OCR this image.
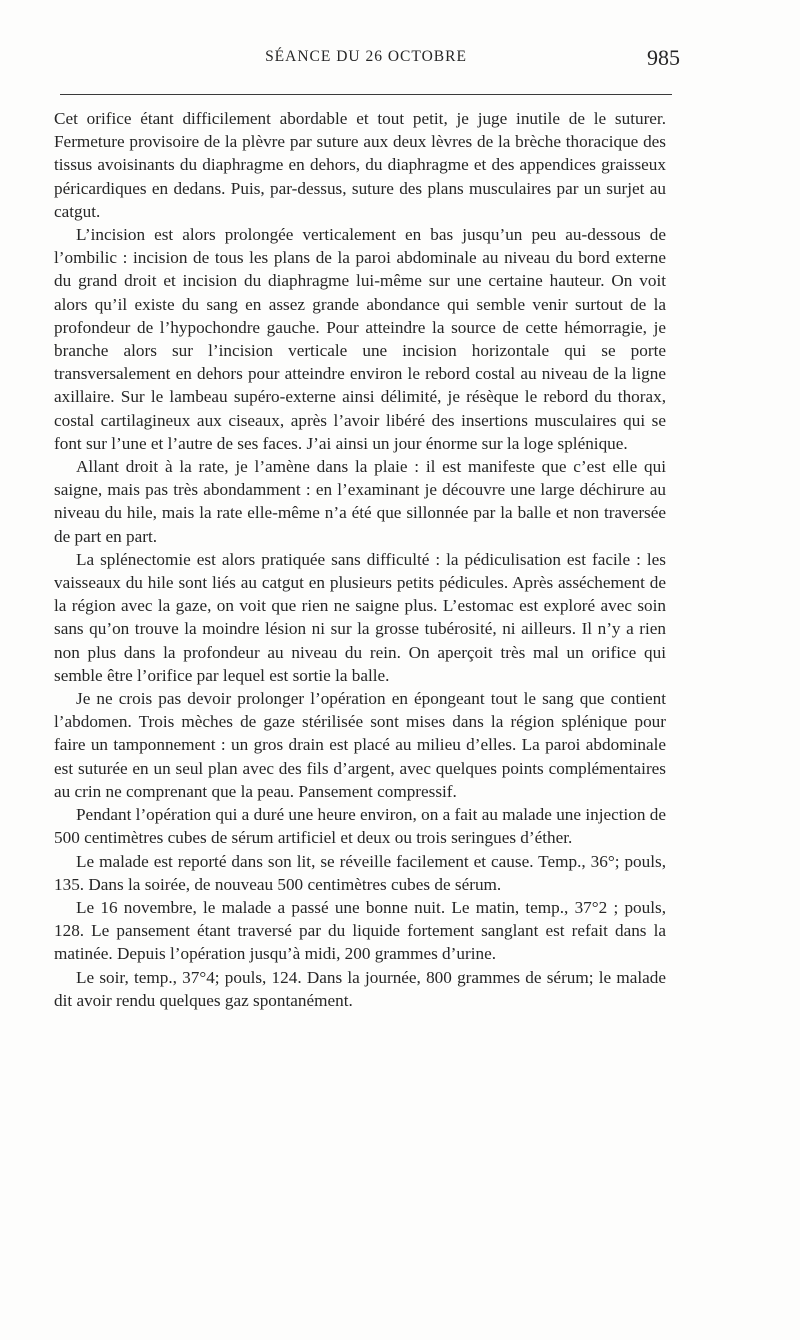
SÉANCE DU 26 OCTOBRE	985

Cet orifice étant difficilement abordable et tout petit, je juge inutile de le suturer. Fermeture provisoire de la plèvre par suture aux deux lèvres de la brèche thoracique des tissus avoisinants du diaphragme en dehors, du diaphragme et des appendices graisseux péricardiques en dedans. Puis, par-dessus, suture des plans musculaires par un surjet au catgut.

L’incision est alors prolongée verticalement en bas jusqu’un peu au-dessous de l’ombilic : incision de tous les plans de la paroi abdominale au niveau du bord externe du grand droit et incision du diaphragme lui-même sur une certaine hauteur. On voit alors qu’il existe du sang en assez grande abondance qui semble venir surtout de la profondeur de l’hypochondre gauche. Pour atteindre la source de cette hémorragie, je branche alors sur l’incision verticale une incision horizontale qui se porte transversalement en dehors pour atteindre environ le rebord costal au niveau de la ligne axillaire. Sur le lambeau supéro-externe ainsi délimité, je résèque le rebord du thorax, costal cartilagineux aux ciseaux, après l’avoir libéré des insertions musculaires qui se font sur l’une et l’autre de ses faces. J’ai ainsi un jour énorme sur la loge splénique.

Allant droit à la rate, je l’amène dans la plaie : il est manifeste que c’est elle qui saigne, mais pas très abondamment : en l’examinant je découvre une large déchirure au niveau du hile, mais la rate elle-même n’a été que sillonnée par la balle et non traversée de part en part.

La splénectomie est alors pratiquée sans difficulté : la pédiculisation est facile : les vaisseaux du hile sont liés au catgut en plusieurs petits pédicules. Après asséchement de la région avec la gaze, on voit que rien ne saigne plus. L’estomac est exploré avec soin sans qu’on trouve la moindre lésion ni sur la grosse tubérosité, ni ailleurs. Il n’y a rien non plus dans la profondeur au niveau du rein. On aperçoit très mal un orifice qui semble être l’orifice par lequel est sortie la balle.

Je ne crois pas devoir prolonger l’opération en épongeant tout le sang que contient l’abdomen. Trois mèches de gaze stérilisée sont mises dans la région splénique pour faire un tamponnement : un gros drain est placé au milieu d’elles. La paroi abdominale est suturée en un seul plan avec des fils d’argent, avec quelques points complémentaires au crin ne comprenant que la peau. Pansement compressif.

Pendant l’opération qui a duré une heure environ, on a fait au malade une injection de 500 centimètres cubes de sérum artificiel et deux ou trois seringues d’éther.

Le malade est reporté dans son lit, se réveille facilement et cause. Temp., 36°; pouls, 135. Dans la soirée, de nouveau 500 centimètres cubes de sérum.

Le 16 novembre, le malade a passé une bonne nuit. Le matin, temp., 37°2 ; pouls, 128. Le pansement étant traversé par du liquide fortement sanglant est refait dans la matinée. Depuis l’opération jusqu’à midi, 200 grammes d’urine.

Le soir, temp., 37°4; pouls, 124. Dans la journée, 800 grammes de sérum; le malade dit avoir rendu quelques gaz spontanément.
